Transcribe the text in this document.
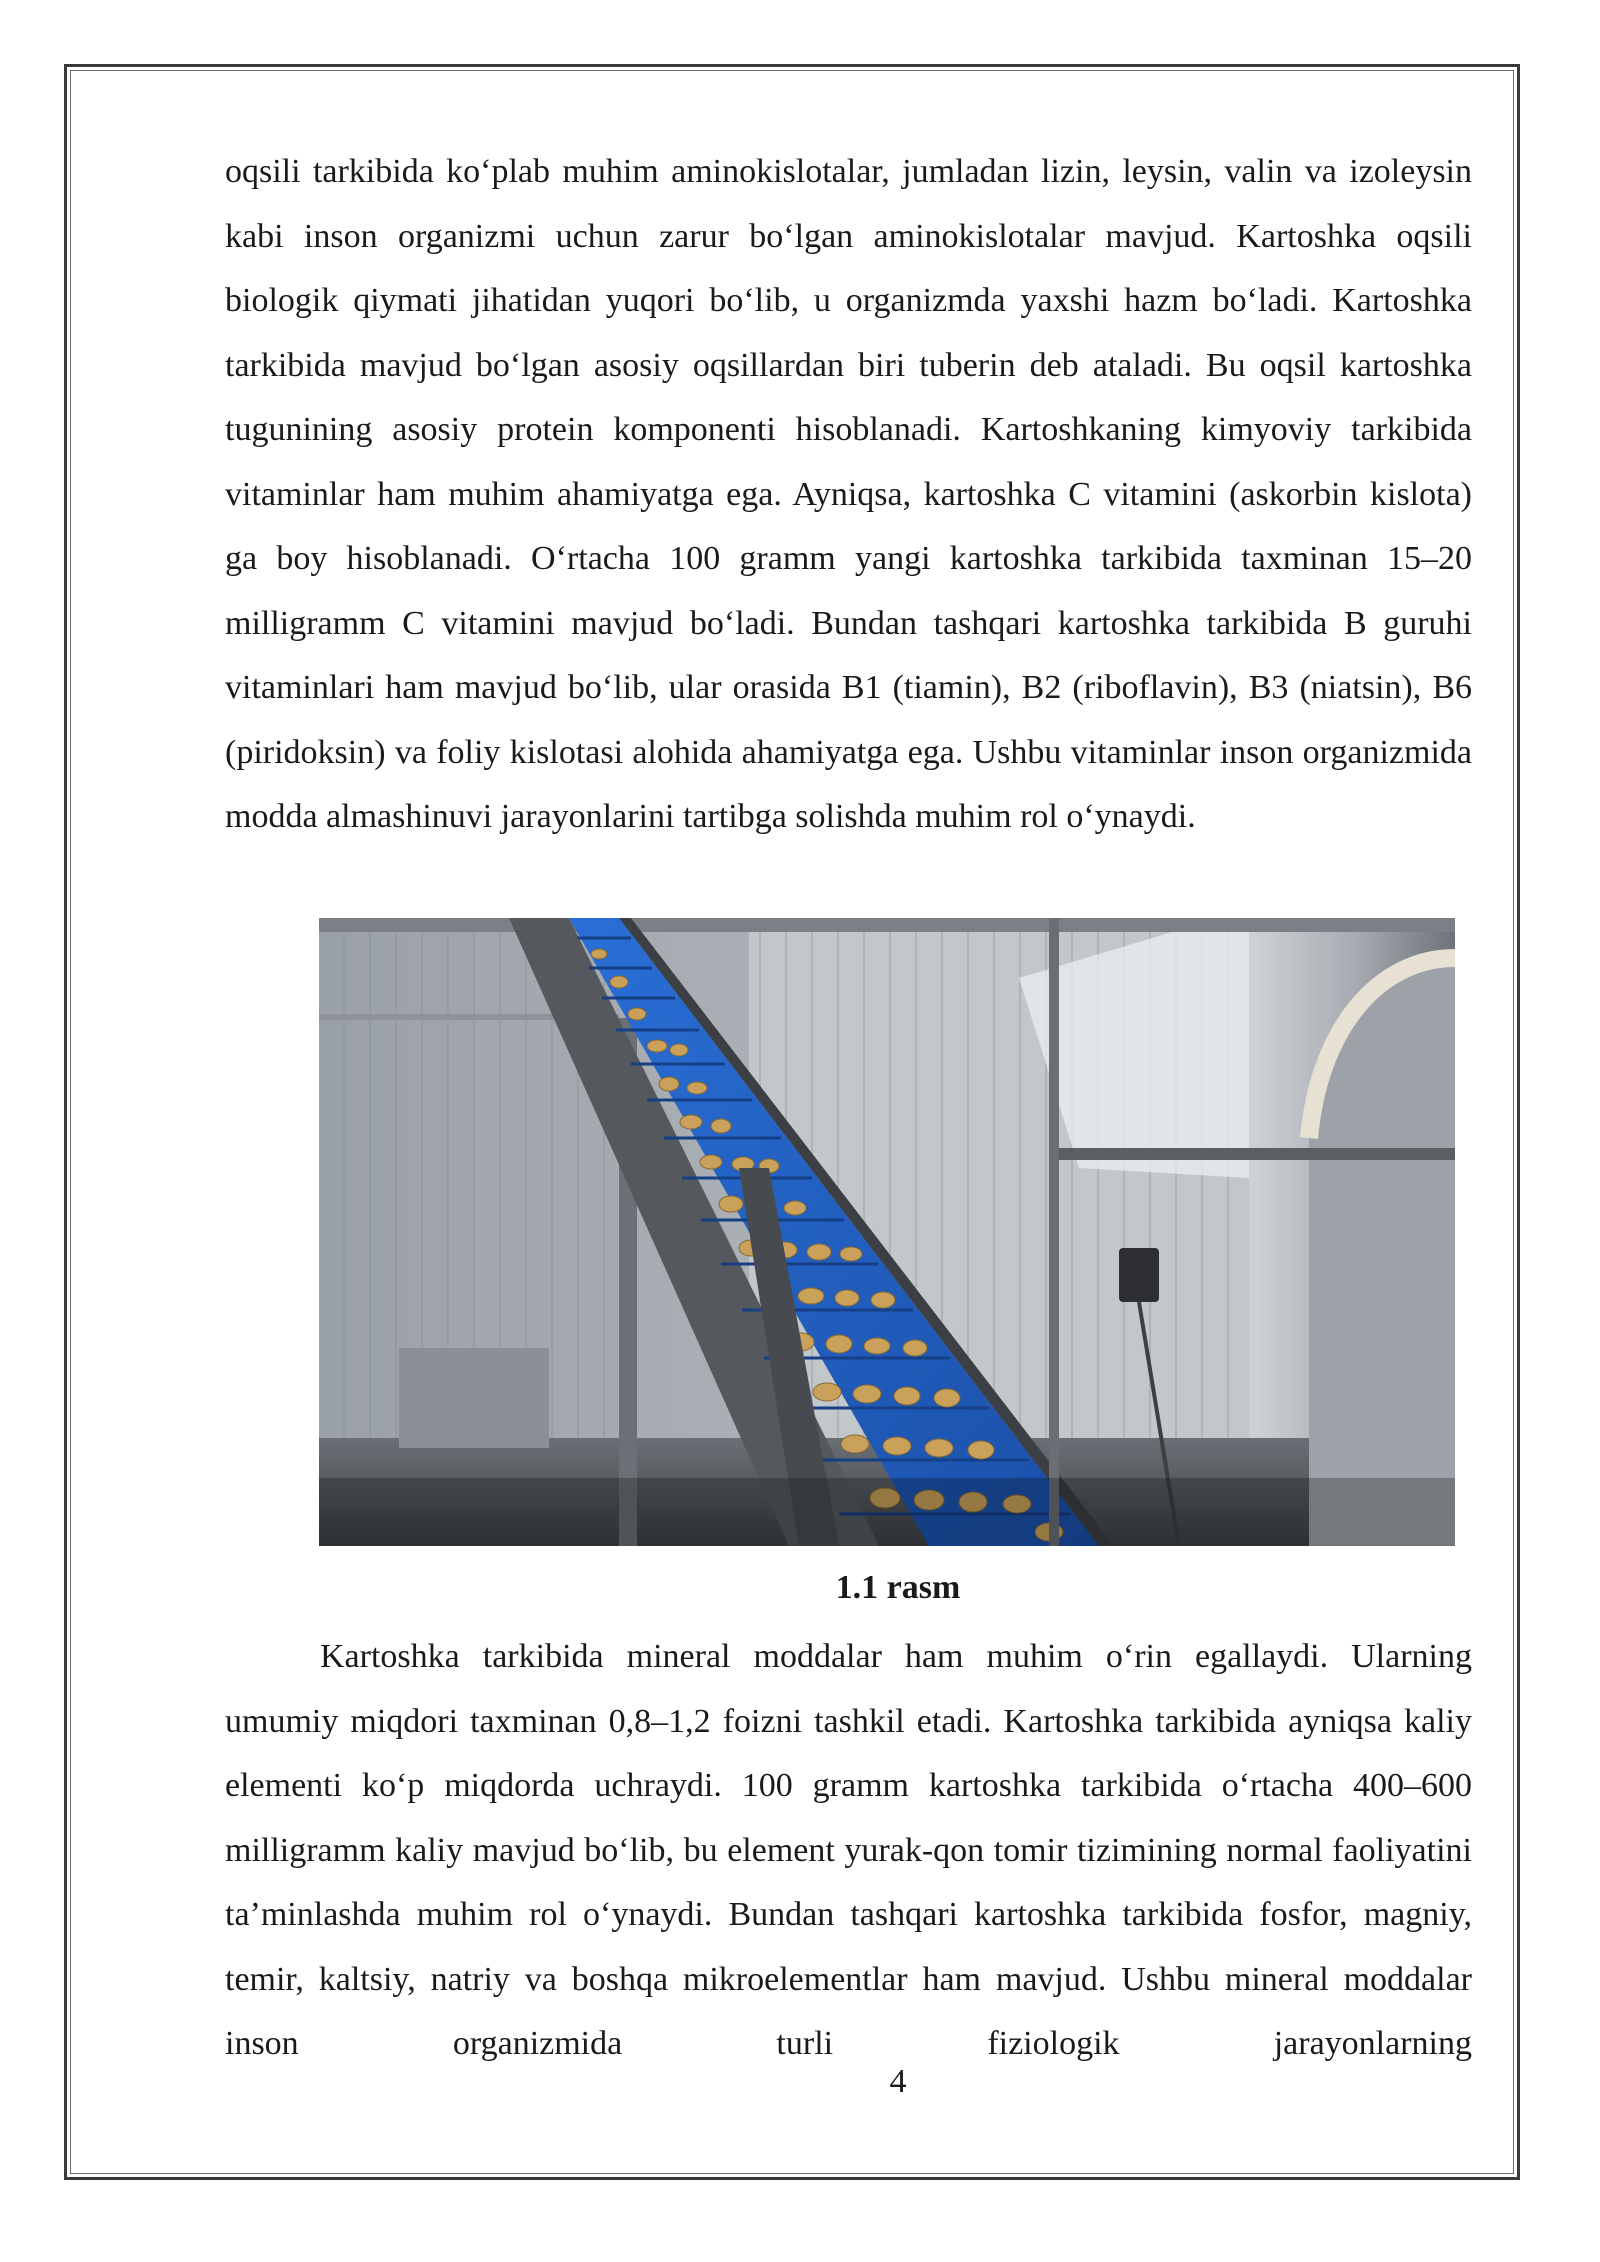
oqsili tarkibida ko‘plab muhim aminokislotalar, jumladan lizin, leysin, valin va izoleysin kabi inson organizmi uchun zarur bo‘lgan aminokislotalar mavjud. Kartoshka oqsili biologik qiymati jihatidan yuqori bo‘lib, u organizmda yaxshi hazm bo‘ladi. Kartoshka tarkibida mavjud bo‘lgan asosiy oqsillardan biri tuberin deb ataladi. Bu oqsil kartoshka tugunining asosiy protein komponenti hisoblanadi. Kartoshkaning kimyoviy tarkibida vitaminlar ham muhim ahamiyatga ega. Ayniqsa, kartoshka C vitamini (askorbin kislota) ga boy hisoblanadi. O‘rtacha 100 gramm yangi kartoshka tarkibida taxminan 15–20 milligramm C vitamini mavjud bo‘ladi. Bundan tashqari kartoshka tarkibida B guruhi vitaminlari ham mavjud bo‘lib, ular orasida B1 (tiamin), B2 (riboflavin), B3 (niatsin), B6 (piridoksin) va foliy kislotasi alohida ahamiyatga ega. Ushbu vitaminlar inson organizmida modda almashinuvi jarayonlarini tartibga solishda muhim rol o‘ynaydi.

1.1 rasm

Kartoshka tarkibida mineral moddalar ham muhim o‘rin egallaydi. Ularning umumiy miqdori taxminan 0,8–1,2 foizni tashkil etadi. Kartoshka tarkibida ayniqsa kaliy elementi ko‘p miqdorda uchraydi. 100 gramm kartoshka tarkibida o‘rtacha 400–600 milligramm kaliy mavjud bo‘lib, bu element yurak-qon tomir tizimining normal faoliyatini ta’minlashda muhim rol o‘ynaydi. Bundan tashqari kartoshka tarkibida fosfor, magniy, temir, kaltsiy, natriy va boshqa mikroelementlar ham mavjud. Ushbu mineral moddalar inson organizmida turli fiziologik jarayonlarning

4
